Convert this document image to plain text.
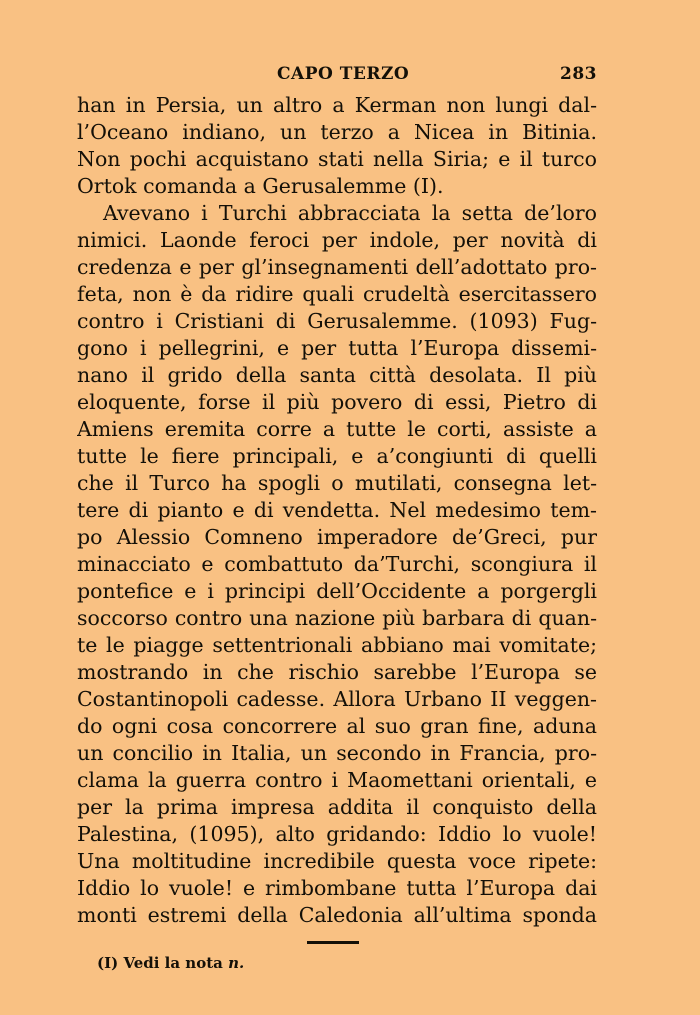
CAPO TERZO	283
han in Persia, un altro a Kerman non lungi dal-
l’Oceano indiano, un terzo a Nicea in Bitinia.
Non pochi acquistano stati nella Siria; e il turco
Ortok comanda a Gerusalemme (I).
Avevano i Turchi abbracciata la setta de’loro
nimici. Laonde feroci per indole, per novità di
credenza e per gl’insegnamenti dell’adottato pro-
feta, non è da ridire quali crudeltà esercitassero
contro i Cristiani di Gerusalemme. (1093) Fug-
gono i pellegrini, e per tutta l’Europa dissemi-
nano il grido della santa città desolata. Il più
eloquente, forse il più povero di essi, Pietro di
Amiens eremita corre a tutte le corti, assiste a
tutte le fiere principali, e a’congiunti di quelli
che il Turco ha spogli o mutilati, consegna let-
tere di pianto e di vendetta. Nel medesimo tem-
po Alessio Comneno imperadore de’Greci, pur
minacciato e combattuto da’Turchi, scongiura il
pontefice e i principi dell’Occidente a porgergli
soccorso contro una nazione più barbara di quan-
te le piagge settentrionali abbiano mai vomitate;
mostrando in che rischio sarebbe l’Europa se
Costantinopoli cadesse. Allora Urbano II veggen-
do ogni cosa concorrere al suo gran fine, aduna
un concilio in Italia, un secondo in Francia, pro-
clama la guerra contro i Maomettani orientali, e
per la prima impresa addita il conquisto della
Palestina, (1095), alto gridando: Iddio lo vuole!
Una moltitudine incredibile questa voce ripete:
Iddio lo vuole! e rimbombane tutta l’Europa dai
monti estremi della Caledonia all’ultima sponda
(I) Vedi la nota n.
